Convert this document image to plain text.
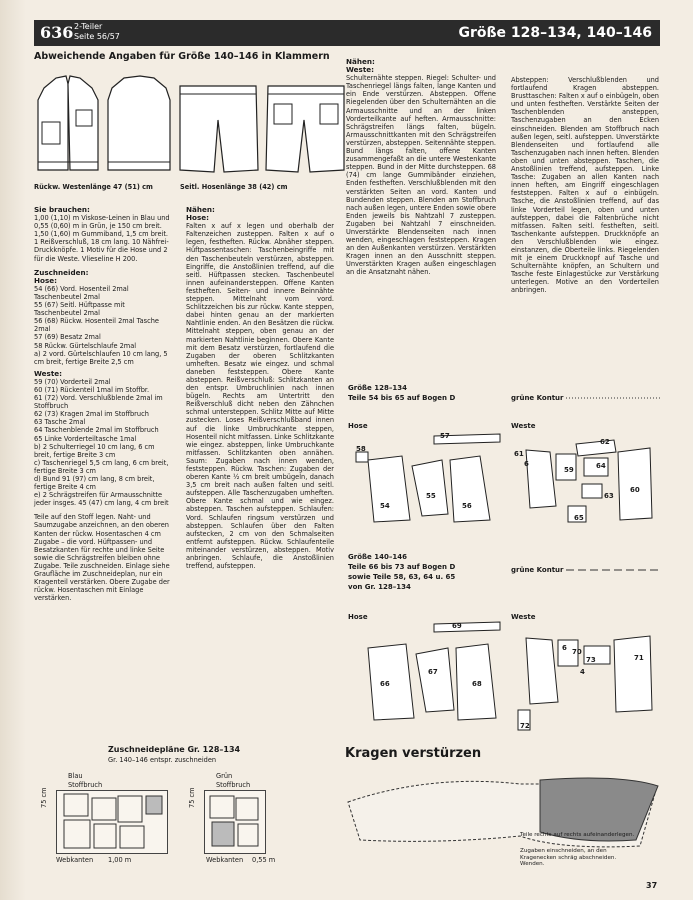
636 2-Teiler
Seite 56/57	Größe 128–134, 140–146
Abweichende Angaben für Größe 140–146 in Klammern
Rückw. Westenlänge 47 (51) cm	Seitl. Hosenlänge 38 (42) cm
Sie brauchen:
1,00 (1,10) m Viskose-Leinen in Blau und 0,55 (0,60) m in Grün, je 150 cm breit. 1,50 (1,60) m Gummiband, 1,5 cm breit. 1 Reißverschluß, 18 cm lang. 10 Nähfrei-Druckknöpfe. 1 Motiv für die Hose und 2 für die Weste. Vlieseline H 200.
Zuschneiden:
Hose:
54 (66) Vord. Hosenteil 2mal Taschenbeutel 2mal
55 (67) Seitl. Hüftpasse mit Taschenbeutel 2mal
56 (68) Rückw. Hosenteil 2mal Tasche 2mal
57 (69) Besatz 2mal
58 Rückw. Gürtelschlaufe 2mal
a) 2 vord. Gürtelschlaufen 10 cm lang, 5 cm breit, fertige Breite 2,5 cm
Weste:
59 (70) Vorderteil 2mal
60 (71) Rückenteil 1mal im Stoffbr.
61 (72) Vord. Verschlußblende 2mal im Stoffbruch
62 (73) Kragen 2mal im Stoffbruch
63 Tasche 2mal
64 Taschenblende 2mal im Stoffbruch
65 Linke Vorderteiltasche 1mal
b) 2 Schulterriegel 10 cm lang, 6 cm breit, fertige Breite 3 cm
c) Taschenriegel 5,5 cm lang, 6 cm breit, fertige Breite 3 cm
d) Bund 91 (97) cm lang, 8 cm breit, fertige Breite 4 cm
e) 2 Schrägstreifen für Armausschnitte jeder insges. 45 (47) cm lang, 4 cm breit
Teile auf den Stoff legen. Naht- und Saumzugabe anzeichnen, an den oberen Kanten der rückw. Hosentaschen 4 cm Zugabe – die vord. Hüftpassen- und Besatzkanten für rechte und linke Seite sowie die Schrägstreifen bleiben ohne Zugabe. Teile zuschneiden. Einlage siehe Graufläche im Zuschneideplan, nur ein Kragenteil verstärken. Obere Zugabe der rückw. Hosentaschen mit Einlage verstärken.
Nähen:
Hose:
Falten x auf x legen und oberhalb der Faltenzeichen zusteppen. Falten x auf o legen, festheften. Rückw. Abnäher steppen. Hüftpassentaschen: Taschenbeingriffe mit den Taschenbeuteln verstürzen, absteppen. Eingriffe, die Anstoßlinien treffend, auf die seitl. Hüftpassen stecken. Taschenbeutel innen aufeinandersteppen. Offene Kanten festheften. Seiten- und innere Beinnähte steppen. Mittelnaht vom vord. Schlitzzeichen bis zur rückw. Kante steppen, dabei hinten genau an der markierten Nahtlinie enden. An den Besätzen die rückw. Mittelnaht steppen, oben genau an der markierten Nahtlinie beginnen. Obere Kante mit dem Besatz verstürzen, fortlaufend die Zugaben der oberen Schlitzkanten umheften. Besatz wie eingez. und schmal daneben feststeppen. Obere Kante absteppen. Reißverschluß: Schlitzkanten an den entspr. Umbruchlinien nach innen bügeln. Rechts am Untertritt den Reißverschluß dicht neben den Zähnchen schmal untersteppen. Schlitz Mitte auf Mitte zustecken. Loses Reißverschlußband innen auf die linke Umbruchkante steppen, Hosenteil nicht mitfassen. Linke Schlitzkante wie eingez. absteppen, linke Umbruchkante mitfassen. Schlitzkanten oben annähen. Saum: Zugaben nach innen wenden, feststeppen. Rückw. Taschen: Zugaben der oberen Kante ½ cm breit umbügeln, danach 3,5 cm breit nach außen falten und seitl. aufsteppen. Alle Taschenzugaben umheften. Obere Kante schmal und wie eingez. absteppen. Taschen aufsteppen. Schlaufen: Vord. Schlaufen ringsum verstürzen und absteppen. Schlaufen über den Falten aufstecken, 2 cm von den Schmalseiten entfernt aufsteppen. Rückw. Schlaufenteile miteinander verstürzen, absteppen. Motiv anbringen. Schlaufe, die Anstoßlinien treffend, aufsteppen.
Nähen:
Weste:
Schulternähte steppen. Riegel: Schulter- und Taschenriegel längs falten, lange Kanten und ein Ende verstürzen. Absteppen. Offene Riegelenden über den Schulternähten an die Armausschnitte und an der linken Vorderteilkante auf heften. Armausschnitte: Schrägstreifen längs falten, bügeln. Armausschnittkanten mit den Schrägstreifen verstürzen, absteppen. Seitennähte steppen. Bund längs falten, offene Kanten zusammengefaßt an die untere Westenkante steppen. Bund in der Mitte durchsteppen. 68 (74) cm lange Gummibänder einziehen, Enden festheften. Verschlußblenden mit den verstärkten Seiten an vord. Kanten und Bundenden steppen. Blenden am Stoffbruch nach außen legen, untere Enden sowie obere Enden jeweils bis Nahtzahl 7 zusteppen. Zugaben bei Nahtzahl 7 einschneiden. Unverstärkte Blendenseiten nach innen wenden, eingeschlagen feststeppen. Kragen an den Außenkanten verstürzen. Verstärkten Kragen innen an den Ausschnitt steppen. Unverstärkten Kragen außen eingeschlagen an die Ansatznaht nähen.
Absteppen: Verschlußblenden und fortlaufend Kragen absteppen. Brusttaschen: Falten x auf o einbügeln, oben und unten festheften. Verstärkte Seiten der Taschenblenden ansteppen, Taschenzugaben an den Ecken einschneiden. Blenden am Stoffbruch nach außen legen, seitl. aufsteppen. Unverstärkte Blendenseiten und fortlaufend alle Taschenzugaben nach innen heften. Blenden oben und unten absteppen. Taschen, die Anstoßlinien treffend, aufsteppen. Linke Tasche: Zugaben an allen Kanten nach innen heften, am Eingriff eingeschlagen feststeppen. Falten x auf o einbügeln. Tasche, die Anstoßlinien treffend, auf das linke Vorderteil legen, oben und unten aufsteppen, dabei die Faltenbrüche nicht mitfassen. Falten seitl. festheften, seitl. Taschenkante aufsteppen. Druckknöpfe an den Verschlußblenden wie eingez. einstanzen, die Oberteile links. Riegelenden mit je einem Druckknopf auf Tasche und Schulternähte knöpfen, an Schultern und Tasche feste Einlagestücke zur Verstärkung unterlegen. Motive an den Vorderteilen anbringen.
Größe 128–134
Teile 54 bis 65 auf Bogen D	grüne Kontur
Hose	Weste
58
57
54
55
56
61
59
62
64
60
63
65
6
Größe 140–146
Teile 66 bis 73 auf Bogen D
sowie Teile 58, 63, 64 u. 65
von Gr. 128–134
grüne Kontur
Hose	Weste
69
66
67
68
70
72
73	71
6
4
Zuschneidepläne Gr. 128–134
Gr. 140–146 entspr. zuschneiden
Blau
Stoffbruch
75 cm
Webkanten 1,00 m
Grün
Stoffbruch
75 cm
Webkanten 0,55 m
Kragen verstürzen
Teile rechts auf rechts aufeinanderlegen.
Zugaben einschneiden, an den Kragenecken schräg abschneiden. Wenden.
37
